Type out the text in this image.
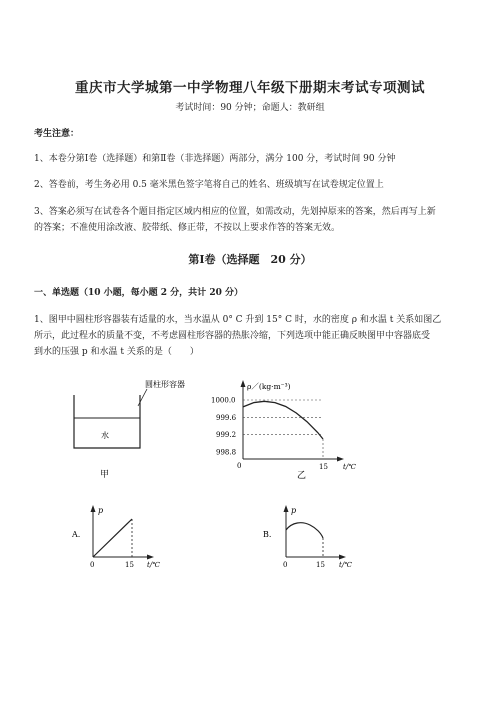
重庆市大学城第一中学物理八年级下册期末考试专项测试
考试时间：90 分钟；命题人：教研组
考生注意：
1、本卷分第Ⅰ卷（选择题）和第Ⅱ卷（非选择题）两部分，满分 100 分，考试时间 90 分钟
2、答卷前，考生务必用 0.5 毫米黑色签字笔将自己的姓名、班级填写在试卷规定位置上
3、答案必须写在试卷各个题目指定区域内相应的位置，如需改动，先划掉原来的答案，然后再写上新
的答案；不准使用涂改液、胶带纸、修正带，不按以上要求作答的答案无效。
第Ⅰ卷（选择题　20 分）
一、单选题（10 小题，每小题 2 分，共计 20 分）
1、图甲中圆柱形容器装有适量的水，当水温从 0° C 升到 15° C 时，水的密度 ρ 和水温 t 关系如图乙
所示，此过程水的质量不变，不考虑圆柱形容器的热胀冷缩，下列选项中能正确反映图甲中容器底受
到水的压强 p 和水温 t 关系的是（　　）
圆柱形容器
水
甲
ρ／(kg·m⁻³)
1000.0
999.6
999.2
998.8
0	15 t/℃
乙
A.
p
0	15 t/℃
B.
p
0	15 t/℃
